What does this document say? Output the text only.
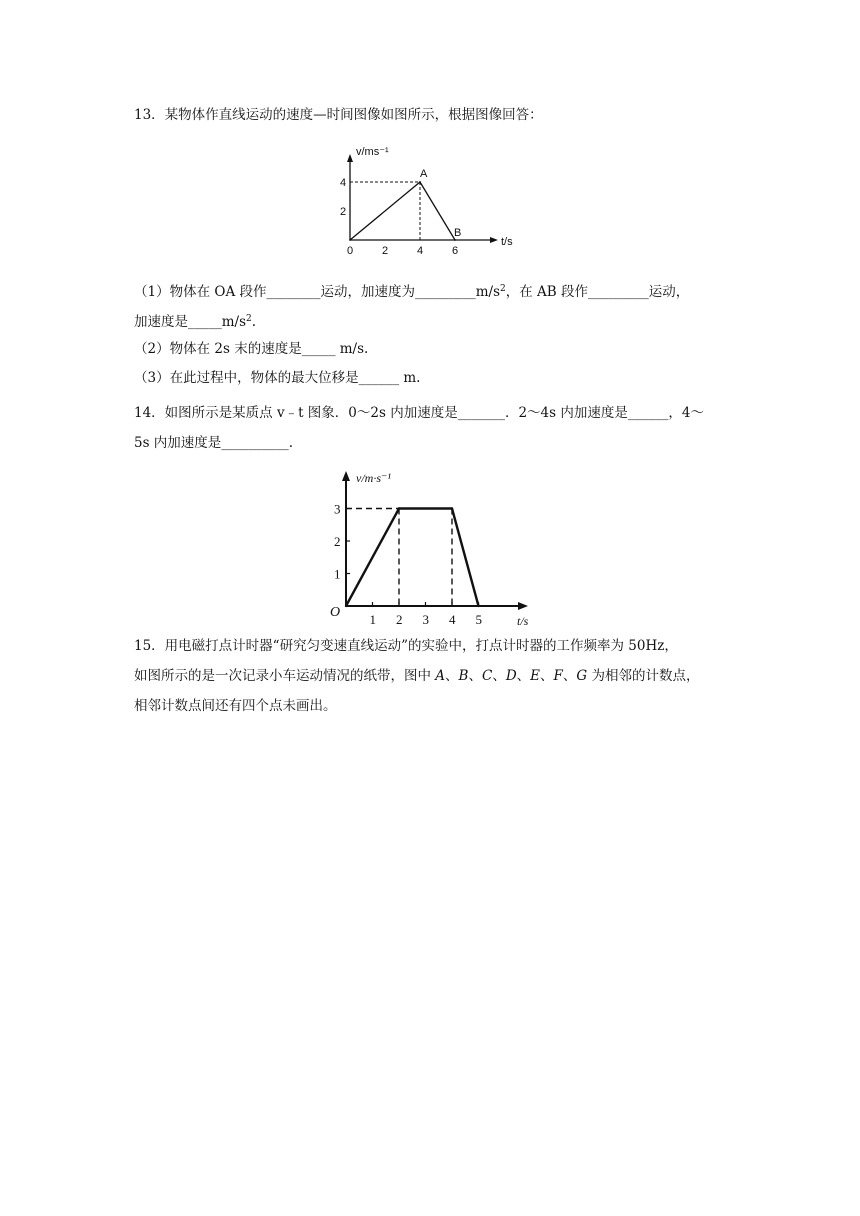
13．某物体作直线运动的速度—时间图像如图所示，根据图像回答：
v/ms⁻¹
t/s
0	2	4	6
2
4
A
B
（1）物体在 OA 段作________运动，加速度为$\_\_\_\_\_\_\_\_\_m/s^2$，在 AB 段作_________运动，
加速度是$\_\_\_\_\_m/s^2$.
（2）物体在 2s 末的速度是_____ m/s.
（3）在此过程中，物体的最大位移是______ m.
14．如图所示是某质点 v﹣t 图象．0～2s 内加速度是_______．2～4s 内加速度是______，4～
5s 内加速度是__________.
v/m·s⁻¹
t/s
O 1 2 3 4 5
1
2
3
15．用电磁打点计时器“研究匀变速直线运动”的实验中，打点计时器的工作频率为 50Hz，
如图所示的是一次记录小车运动情况的纸带，图中 A、B、C、D、E、F、G 为相邻的计数点，
相邻计数点间还有四个点未画出。
